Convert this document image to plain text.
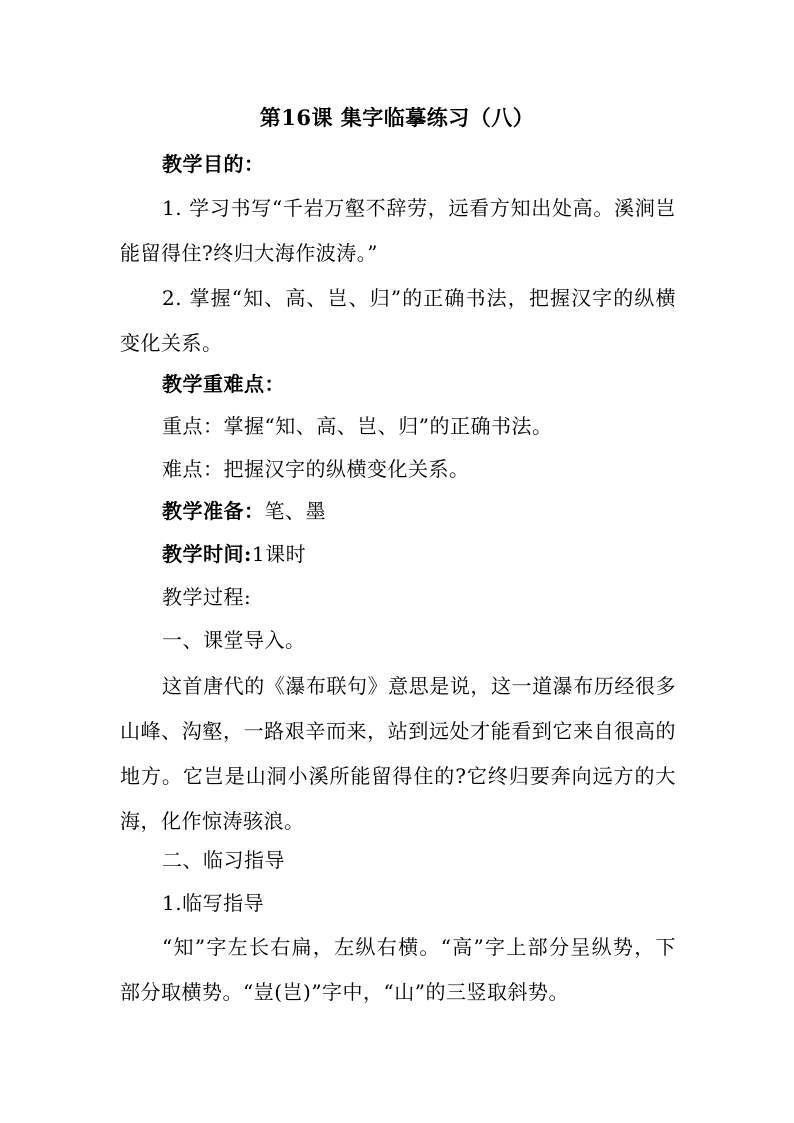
第16课 集字临摹练习（八）
教学目的：
1. 学习书写“千岩万壑不辞劳，远看方知出处高。溪涧岂能留得住?终归大海作波涛。”
2. 掌握“知、高、岂、归”的正确书法，把握汉字的纵横变化关系。
教学重难点：
重点：掌握“知、高、岂、归”的正确书法。
难点：把握汉字的纵横变化关系。
教学准备：笔、墨
教学时间:1课时
教学过程:
一、课堂导入。
这首唐代的《瀑布联句》意思是说，这一道瀑布历经很多山峰、沟壑，一路艰辛而来，站到远处才能看到它来自很高的地方。它岂是山洞小溪所能留得住的?它终归要奔向远方的大海，化作惊涛骇浪。
二、临习指导
1.临写指导
“知”字左长右扁，左纵右横。“高”字上部分呈纵势，下部分取横势。“豈(岂)”字中，“山”的三竖取斜势。
